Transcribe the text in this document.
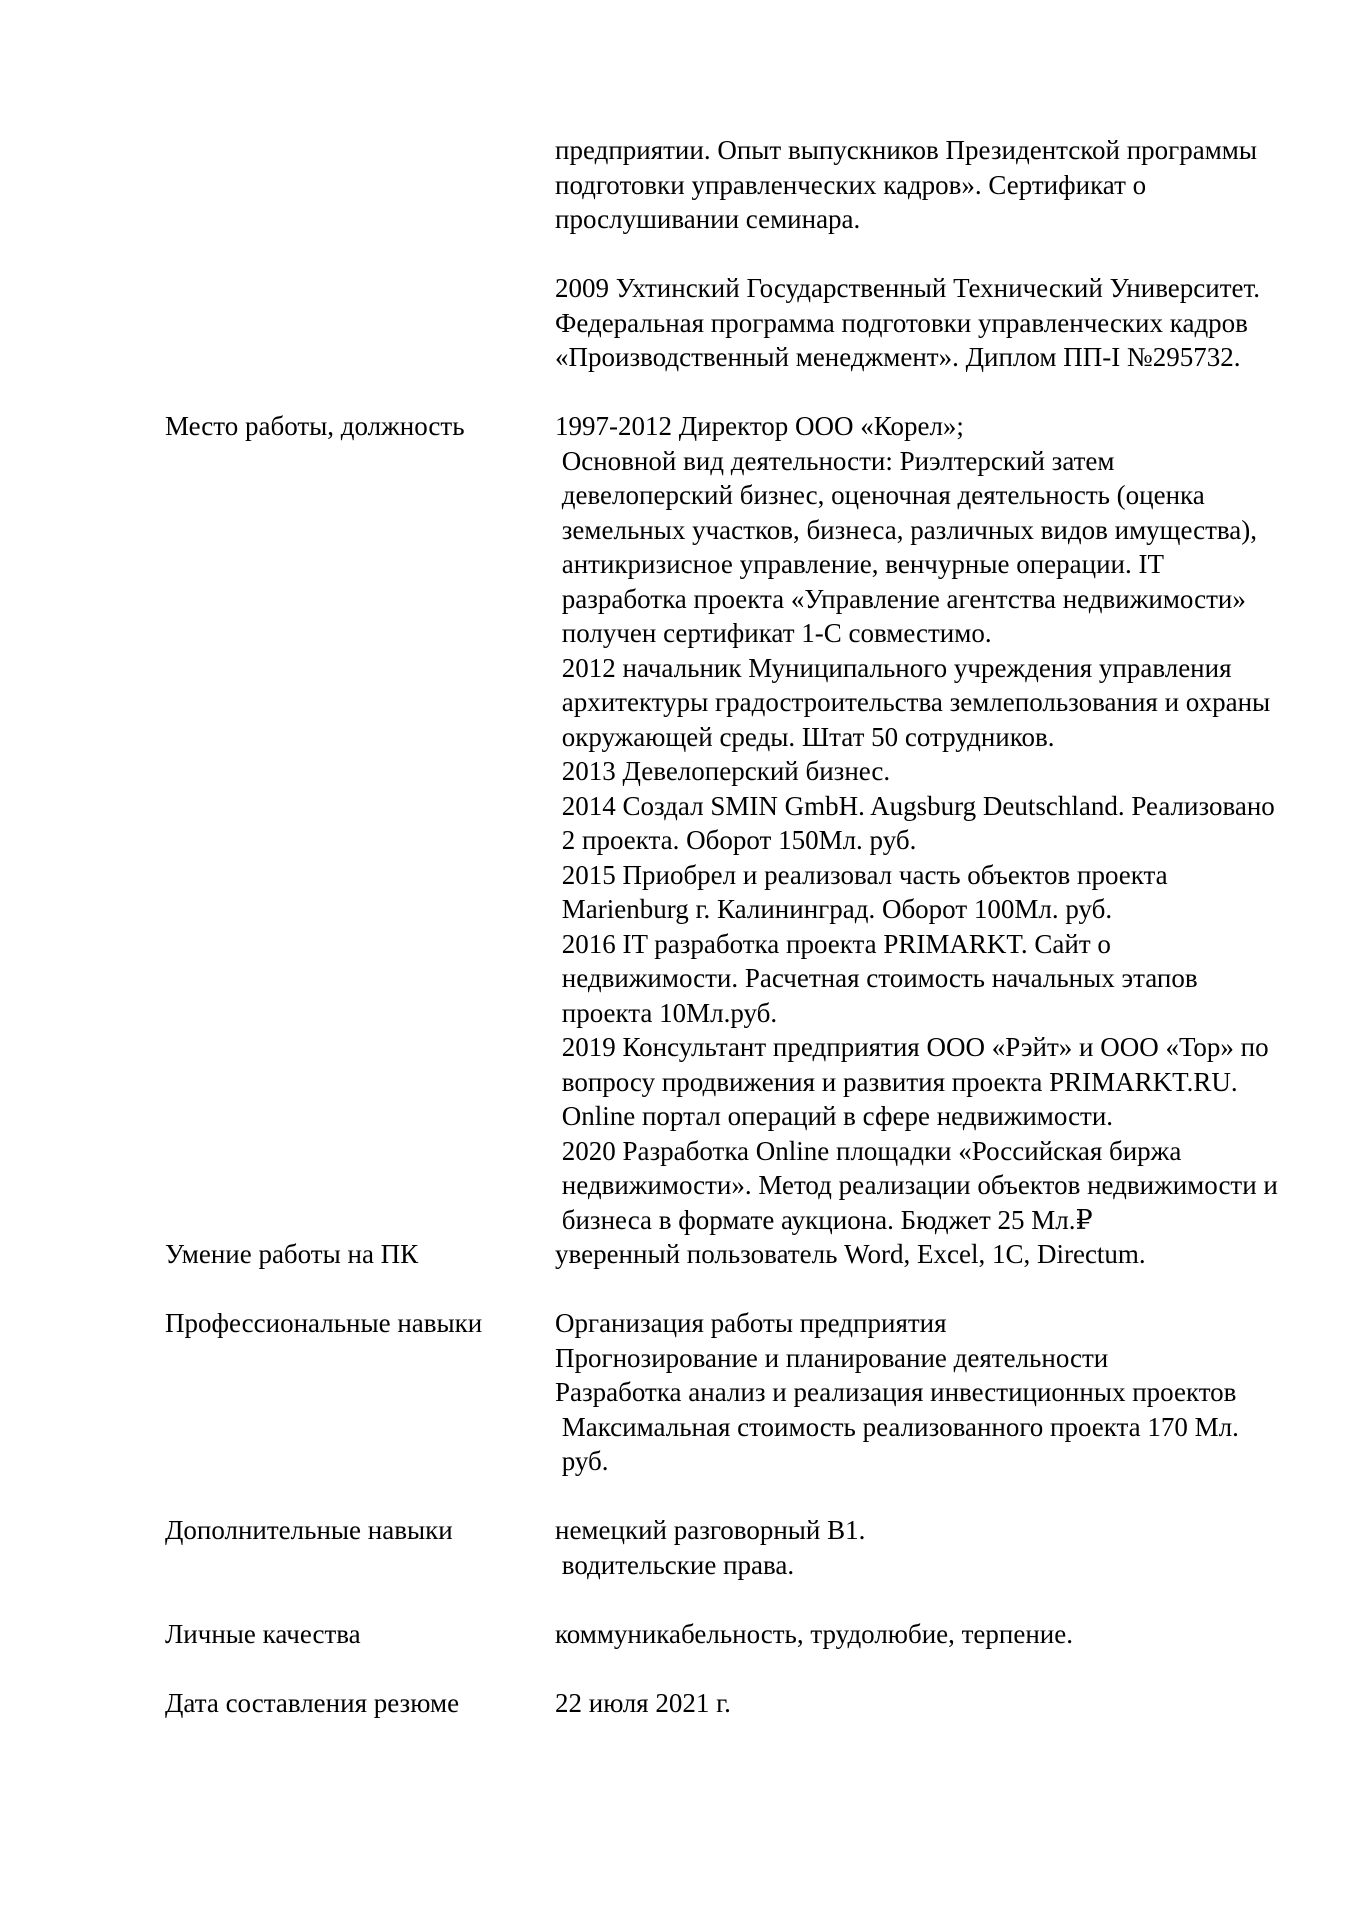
предприятии. Опыт выпускников Президентской программы
подготовки управленческих кадров». Сертификат о
прослушивании семинара.
2009 Ухтинский Государственный Технический Университет.
Федеральная программа подготовки управленческих кадров
«Производственный менеджмент». Диплом ПП-I №295732.
Место работы, должность	1997-2012 Директор ООО «Корел»;
Основной вид деятельности: Риэлтерский затем
девелоперский бизнес, оценочная деятельность (оценка
земельных участков, бизнеса, различных видов имущества),
антикризисное управление, венчурные операции. IT
разработка проекта «Управление агентства недвижимости»
получен сертификат 1-С совместимо.
2012 начальник Муниципального учреждения управления
архитектуры градостроительства землепользования и охраны
окружающей среды. Штат 50 сотрудников.
2013 Девелоперский бизнес.
2014 Создал SMIN GmbH. Augsburg Deutschland. Реализовано
2 проекта. Оборот 150Мл. руб.
2015 Приобрел и реализовал часть объектов проекта
Marienburg г. Калининград. Оборот 100Мл. руб.
2016 IT разработка проекта PRIMARKT. Сайт о
недвижимости. Расчетная стоимость начальных этапов
проекта 10Мл.руб.
2019 Консультант предприятия ООО «Рэйт» и ООО «Тор» по
вопросу продвижения и развития проекта PRIMARKT.RU.
Online портал операций в сфере недвижимости.
2020 Разработка Online площадки «Российская биржа
недвижимости». Метод реализации объектов недвижимости и
бизнеса в формате аукциона. Бюджет 25 Мл.₽
Умение работы на ПК	уверенный пользователь Word, Excel, 1C, Directum.
Профессиональные навыки	Организация работы предприятия
Прогнозирование и планирование деятельности
Разработка анализ и реализация инвестиционных проектов
Максимальная стоимость реализованного проекта 170 Мл.
руб.
Дополнительные навыки	немецкий разговорный B1.
водительские права.
Личные качества	коммуникабельность, трудолюбие, терпение.
Дата составления резюме	22 июля 2021 г.
